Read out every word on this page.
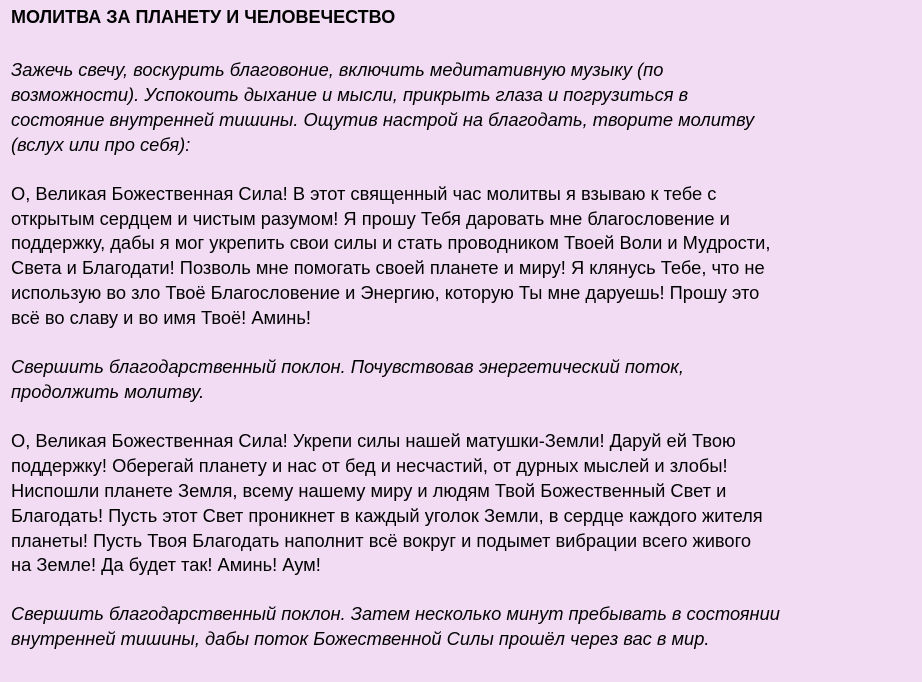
МОЛИТВА ЗА ПЛАНЕТУ И ЧЕЛОВЕЧЕСТВО
Зажечь свечу, воскурить благовоние, включить медитативную музыку (по
возможности). Успокоить дыхание и мысли, прикрыть глаза и погрузиться в
состояние внутренней тишины. Ощутив настрой на благодать, творите молитву
(вслух или про себя):
О, Великая Божественная Сила! В этот священный час молитвы я взываю к тебе с
открытым сердцем и чистым разумом! Я прошу Тебя даровать мне благословение и
поддержку, дабы я мог укрепить свои силы и стать проводником Твоей Воли и Мудрости,
Света и Благодати! Позволь мне помогать своей планете и миру! Я клянусь Тебе, что не
использую во зло Твоё Благословение и Энергию, которую Ты мне даруешь! Прошу это
всё во славу и во имя Твоё! Аминь!
Свершить благодарственный поклон. Почувствовав энергетический поток,
продолжить молитву.
О, Великая Божественная Сила! Укрепи силы нашей матушки-Земли! Даруй ей Твою
поддержку! Оберегай планету и нас от бед и несчастий, от дурных мыслей и злобы!
Ниспошли планете Земля, всему нашему миру и людям Твой Божественный Свет и
Благодать! Пусть этот Свет проникнет в каждый уголок Земли, в сердце каждого жителя
планеты! Пусть Твоя Благодать наполнит всё вокруг и подымет вибрации всего живого
на Земле! Да будет так! Аминь! Аум!
Свершить благодарственный поклон. Затем несколько минут пребывать в состоянии
внутренней тишины, дабы поток Божественной Силы прошёл через вас в мир.
